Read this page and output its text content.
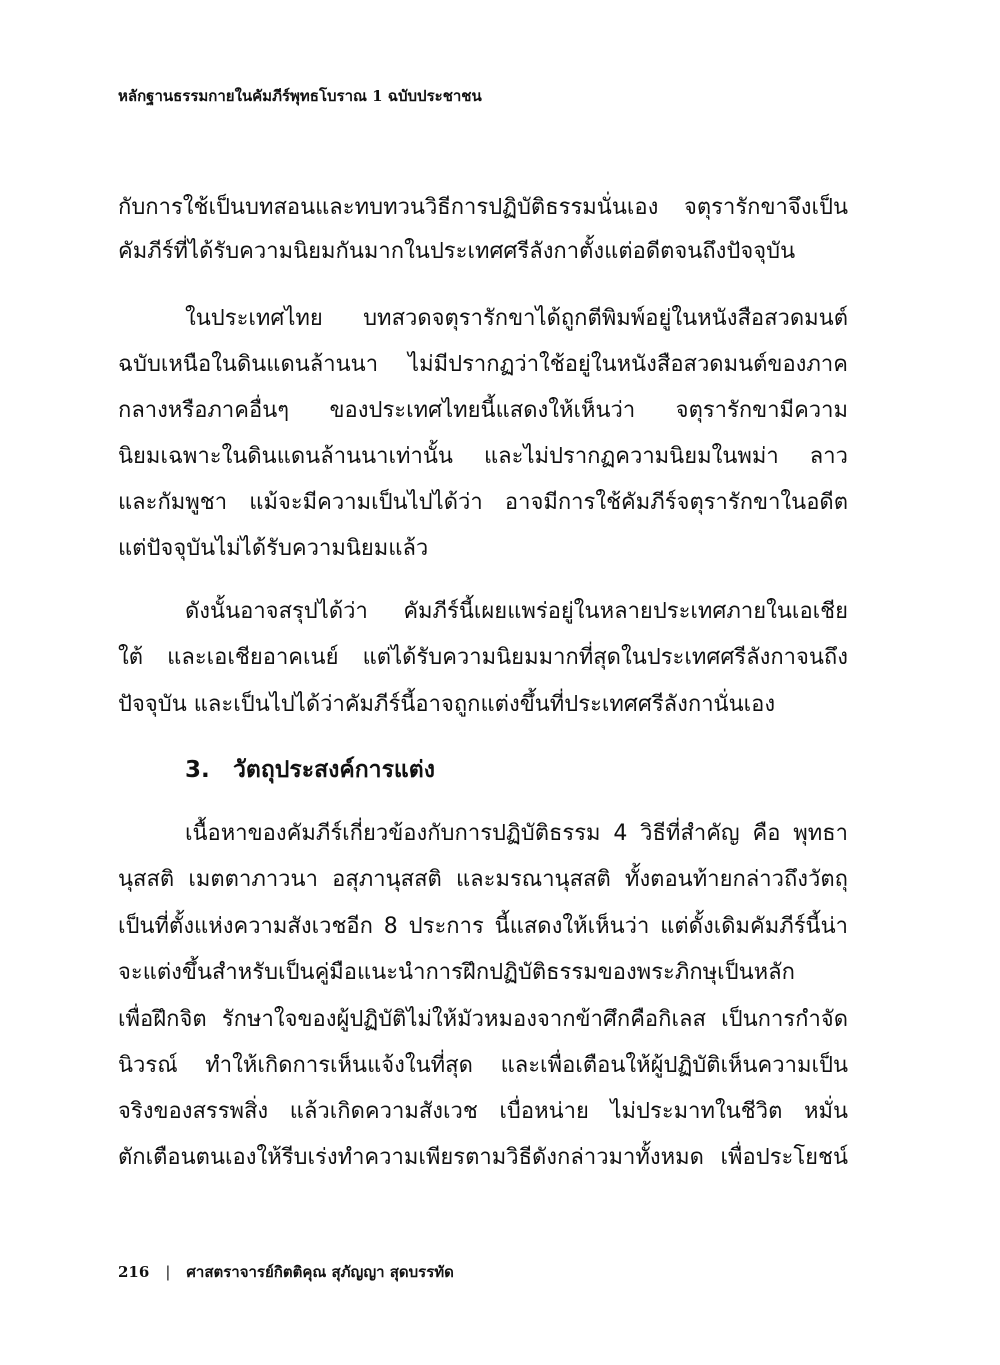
หลักฐานธรรมกายในคัมภีร์พุทธโบราณ 1 ฉบับประชาชน
กับการใช้เป็นบทสอนและทบทวนวิธีการปฏิบัติธรรมนั่นเอง จตุรารักขาจึงเป็น
คัมภีร์ที่ได้รับความนิยมกันมากในประเทศศรีลังกาตั้งแต่อดีตจนถึงปัจจุบัน
ในประเทศไทย บทสวดจตุรารักขาได้ถูกตีพิมพ์อยู่ในหนังสือสวดมนต์
ฉบับเหนือในดินแดนล้านนา ไม่มีปรากฏว่าใช้อยู่ในหนังสือสวดมนต์ของภาค
กลางหรือภาคอื่นๆ ของประเทศไทยนี้แสดงให้เห็นว่า จตุรารักขามีความ
นิยมเฉพาะในดินแดนล้านนาเท่านั้น และไม่ปรากฏความนิยมในพม่า ลาว
และกัมพูชา แม้จะมีความเป็นไปได้ว่า อาจมีการใช้คัมภีร์จตุรารักขาในอดีต
แต่ปัจจุบันไม่ได้รับความนิยมแล้ว
ดังนั้นอาจสรุปได้ว่า คัมภีร์นี้เผยแพร่อยู่ในหลายประเทศภายในเอเชีย
ใต้ และเอเชียอาคเนย์ แต่ได้รับความนิยมมากที่สุดในประเทศศรีลังกาจนถึง
ปัจจุบัน และเป็นไปได้ว่าคัมภีร์นี้อาจถูกแต่งขึ้นที่ประเทศศรีลังกานั่นเอง
3. วัตถุประสงค์การแต่ง
เนื้อหาของคัมภีร์เกี่ยวข้องกับการปฏิบัติธรรม 4 วิธีที่สำคัญ คือ พุทธา
นุสสติ เมตตาภาวนา อสุภานุสสติ และมรณานุสสติ ทั้งตอนท้ายกล่าวถึงวัตถุ
เป็นที่ตั้งแห่งความสังเวชอีก 8 ประการ นี้แสดงให้เห็นว่า แต่ดั้งเดิมคัมภีร์นี้น่า
จะแต่งขึ้นสำหรับเป็นคู่มือแนะนำการฝึกปฏิบัติธรรมของพระภิกษุเป็นหลัก
เพื่อฝึกจิต รักษาใจของผู้ปฏิบัติไม่ให้มัวหมองจากข้าศึกคือกิเลส เป็นการกำจัด
นิวรณ์ ทำให้เกิดการเห็นแจ้งในที่สุด และเพื่อเตือนให้ผู้ปฏิบัติเห็นความเป็น
จริงของสรรพสิ่ง แล้วเกิดความสังเวช เบื่อหน่าย ไม่ประมาทในชีวิต หมั่น
ตักเตือนตนเองให้รีบเร่งทำความเพียรตามวิธีดังกล่าวมาทั้งหมด เพื่อประโยชน์
216 | ศาสตราจารย์กิตติคุณ สุภัญญา สุดบรรทัด
